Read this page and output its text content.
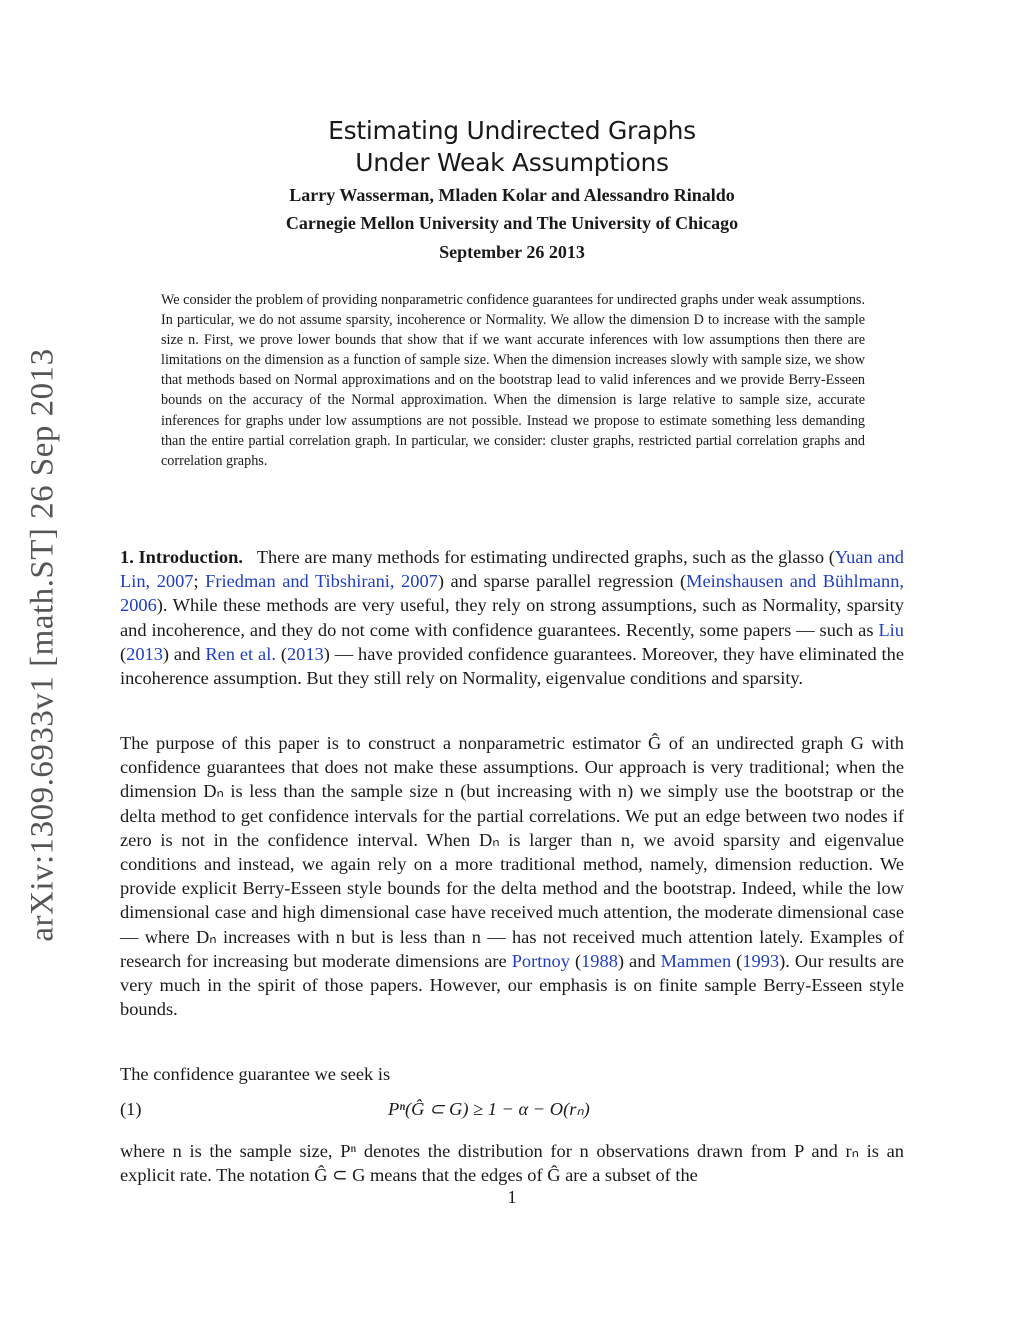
arXiv:1309.6933v1 [math.ST] 26 Sep 2013
Estimating Undirected Graphs
Under Weak Assumptions
Larry Wasserman, Mladen Kolar and Alessandro Rinaldo
Carnegie Mellon University and The University of Chicago
September 26 2013
We consider the problem of providing nonparametric confidence guarantees for undirected graphs under weak assumptions. In particular, we do not assume sparsity, incoherence or Normality. We allow the dimension D to increase with the sample size n. First, we prove lower bounds that show that if we want accurate inferences with low assumptions then there are limitations on the dimension as a function of sample size. When the dimension increases slowly with sample size, we show that methods based on Normal approximations and on the bootstrap lead to valid inferences and we provide Berry-Esseen bounds on the accuracy of the Normal approximation. When the dimension is large relative to sample size, accurate inferences for graphs under low assumptions are not possible. Instead we propose to estimate something less demanding than the entire partial correlation graph. In particular, we consider: cluster graphs, restricted partial correlation graphs and correlation graphs.
1. Introduction. There are many methods for estimating undirected graphs, such as the glasso (Yuan and Lin, 2007; Friedman and Tibshirani, 2007) and sparse parallel regression (Meinshausen and Bühlmann, 2006). While these methods are very useful, they rely on strong assumptions, such as Normality, sparsity and incoherence, and they do not come with confidence guarantees. Recently, some papers — such as Liu (2013) and Ren et al. (2013) — have provided confidence guarantees. Moreover, they have eliminated the incoherence assumption. But they still rely on Normality, eigenvalue conditions and sparsity.
The purpose of this paper is to construct a nonparametric estimator Ĝ of an undirected graph G with confidence guarantees that does not make these assumptions. Our approach is very traditional; when the dimension Dₙ is less than the sample size n (but increasing with n) we simply use the bootstrap or the delta method to get confidence intervals for the partial correlations. We put an edge between two nodes if zero is not in the confidence interval. When Dₙ is larger than n, we avoid sparsity and eigenvalue conditions and instead, we again rely on a more traditional method, namely, dimension reduction. We provide explicit Berry-Esseen style bounds for the delta method and the bootstrap. Indeed, while the low dimensional case and high dimensional case have received much attention, the moderate dimensional case — where Dₙ increases with n but is less than n — has not received much attention lately. Examples of research for increasing but moderate dimensions are Portnoy (1988) and Mammen (1993). Our results are very much in the spirit of those papers. However, our emphasis is on finite sample Berry-Esseen style bounds.
The confidence guarantee we seek is
(1)	Pⁿ(Ĝ ⊂ G) ≥ 1 − α − O(rₙ)
where n is the sample size, Pⁿ denotes the distribution for n observations drawn from P and rₙ is an explicit rate. The notation Ĝ ⊂ G means that the edges of Ĝ are a subset of the
1
